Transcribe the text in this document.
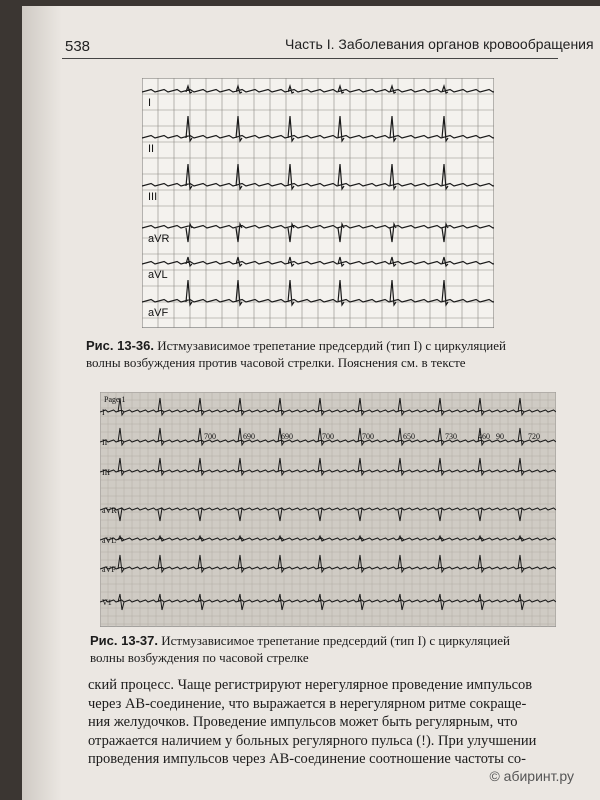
538	Часть I. Заболевания органов кровообращения
I
II
III
aVR
aVL
aVF
Рис. 13-36. Истмузависимое трепетание предсердий (тип I) с циркуляцией
волны возбуждения против часовой стрелки. Пояснения см. в тексте
Page 1
I
II
III
aVR
aVL
aVF
V1
700	690	690	700	700	650	730	460 90	720
Рис. 13-37. Истмузависимое трепетание предсердий (тип I) с циркуляцией
волны возбуждения по часовой стрелке
ский процесс. Чаще регистрируют нерегулярное проведение импульсов
через АВ-соединение, что выражается в нерегулярном ритме сокраще-
ния желудочков. Проведение импульсов может быть регулярным, что
отражается наличием у больных регулярного пульса (!). При улучшении
проведения импульсов через АВ-соединение соотношение частоты со-
© абиринт.ру
